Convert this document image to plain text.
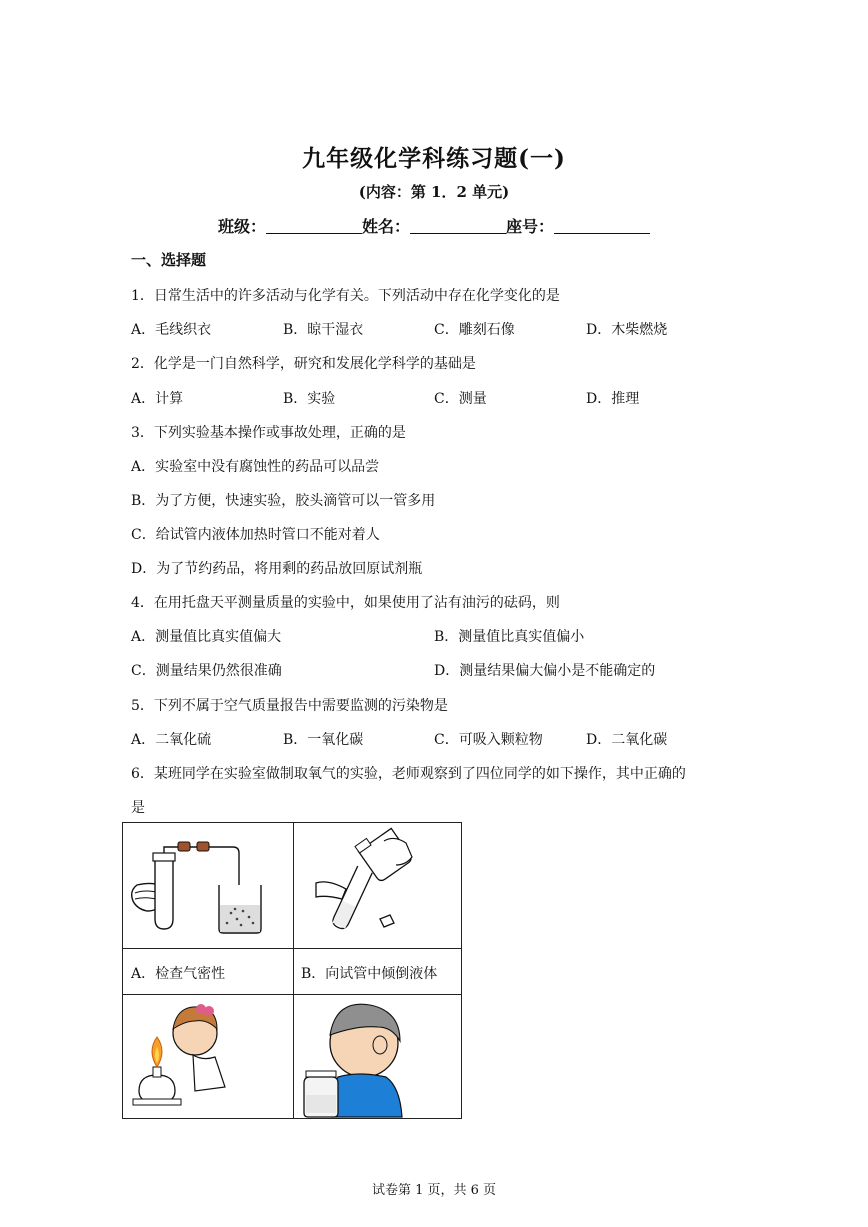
九年级化学科练习题(一)
(内容：第 1．2 单元)
班级：	姓名：	座号：
一、选择题
1．日常生活中的许多活动与化学有关。下列活动中存在化学变化的是
A．毛线织衣	B．晾干湿衣	C．雕刻石像	D．木柴燃烧
2．化学是一门自然科学，研究和发展化学科学的基础是
A．计算	B．实验	C．测量	D．推理
3．下列实验基本操作或事故处理，正确的是
A．实验室中没有腐蚀性的药品可以品尝
B．为了方便，快速实验，胶头滴管可以一管多用
C．给试管内液体加热时管口不能对着人
D．为了节约药品，将用剩的药品放回原试剂瓶
4．在用托盘天平测量质量的实验中，如果使用了沾有油污的砝码，则
A．测量值比真实值偏大	B．测量值比真实值偏小
C．测量结果仍然很准确	D．测量结果偏大偏小是不能确定的
5．下列不属于空气质量报告中需要监测的污染物是
A．二氧化硫	B．一氧化碳	C．可吸入颗粒物	D．二氧化碳
6．某班同学在实验室做制取氧气的实验，老师观察到了四位同学的如下操作，其中正确的
是
A．检查气密性	B．向试管中倾倒液体
试卷第 1 页，共 6 页
